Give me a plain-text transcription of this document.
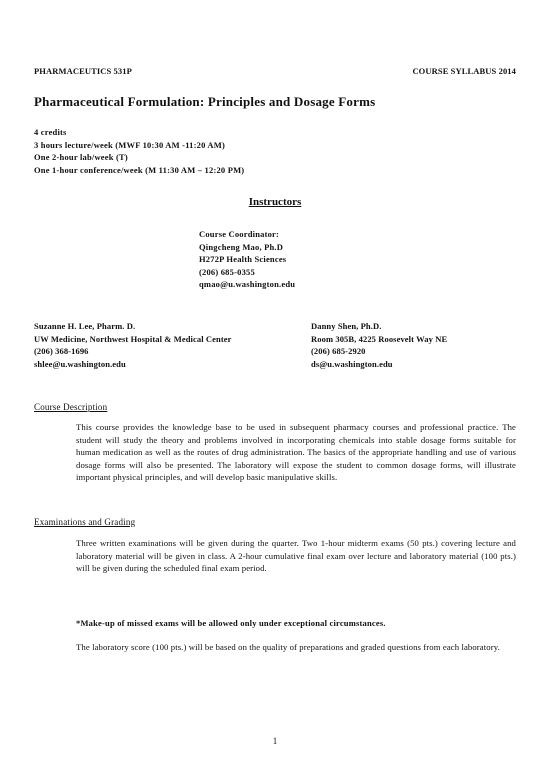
PHARMACEUTICS 531P	COURSE SYLLABUS 2014
Pharmaceutical Formulation: Principles and Dosage Forms
4 credits
3 hours lecture/week (MWF 10:30 AM -11:20 AM)
One 2-hour lab/week (T)
One 1-hour conference/week (M 11:30 AM – 12:20 PM)
Instructors
Course Coordinator:
Qingcheng Mao, Ph.D
H272P Health Sciences
(206) 685-0355
qmao@u.washington.edu
Suzanne H. Lee, Pharm. D.
UW Medicine, Northwest Hospital & Medical Center
(206) 368-1696
shlee@u.washington.edu
Danny Shen, Ph.D.
Room 305B, 4225 Roosevelt Way NE
(206) 685-2920
ds@u.washington.edu
Course Description
This course provides the knowledge base to be used in subsequent pharmacy courses and professional practice. The student will study the theory and problems involved in incorporating chemicals into stable dosage forms suitable for human medication as well as the routes of drug administration. The basics of the appropriate handling and use of various dosage forms will also be presented. The laboratory will expose the student to common dosage forms, will illustrate important physical principles, and will develop basic manipulative skills.
Examinations and Grading
Three written examinations will be given during the quarter. Two 1-hour midterm exams (50 pts.) covering lecture and laboratory material will be given in class. A 2-hour cumulative final exam over lecture and laboratory material (100 pts.) will be given during the scheduled final exam period.
*Make-up of missed exams will be allowed only under exceptional circumstances.
The laboratory score (100 pts.) will be based on the quality of preparations and graded questions from each laboratory.
1
